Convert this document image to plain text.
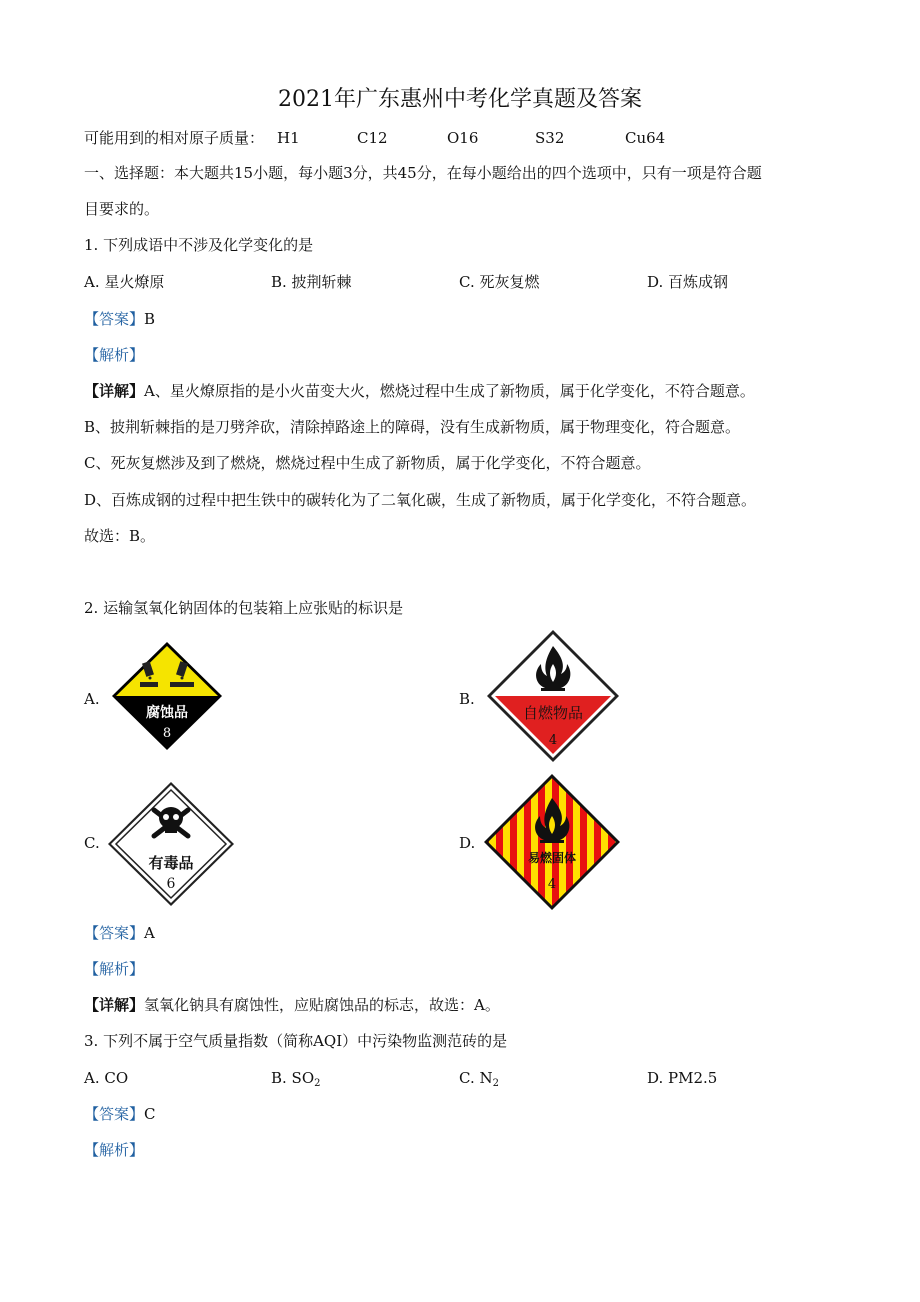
2021年广东惠州中考化学真题及答案
可能用到的相对原子质量： H1	C12	O16	S32	Cu64
一、选择题：本大题共15小题，每小题3分，共45分，在每小题给出的四个选项中，只有一项是符合题
目要求的。
1. 下列成语中不涉及化学变化的是
A. 星火燎原	B. 披荆斩棘	C. 死灰复燃	D. 百炼成钢
【答案】B
【解析】
【详解】A、星火燎原指的是小火苗变大火，燃烧过程中生成了新物质，属于化学变化，不符合题意。
B、披荆斩棘指的是刀劈斧砍，清除掉路途上的障碍，没有生成新物质，属于物理变化，符合题意。
C、死灰复燃涉及到了燃烧，燃烧过程中生成了新物质，属于化学变化，不符合题意。
D、百炼成钢的过程中把生铁中的碳转化为了二氧化碳，生成了新物质，属于化学变化，不符合题意。
故选：B。
2. 运输氢氧化钠固体的包装箱上应张贴的标识是
A.	B.
C.	D.
腐蚀品
8
自燃物品
4
有毒品
6
易燃固体
4
【答案】A
【解析】
【详解】氢氧化钠具有腐蚀性，应贴腐蚀品的标志，故选：A。
3. 下列不属于空气质量指数（简称AQI）中污染物监测范砖的是
A. CO	B. $SO_2$	C. $N_2$	D. PM2.5
【答案】C
【解析】
